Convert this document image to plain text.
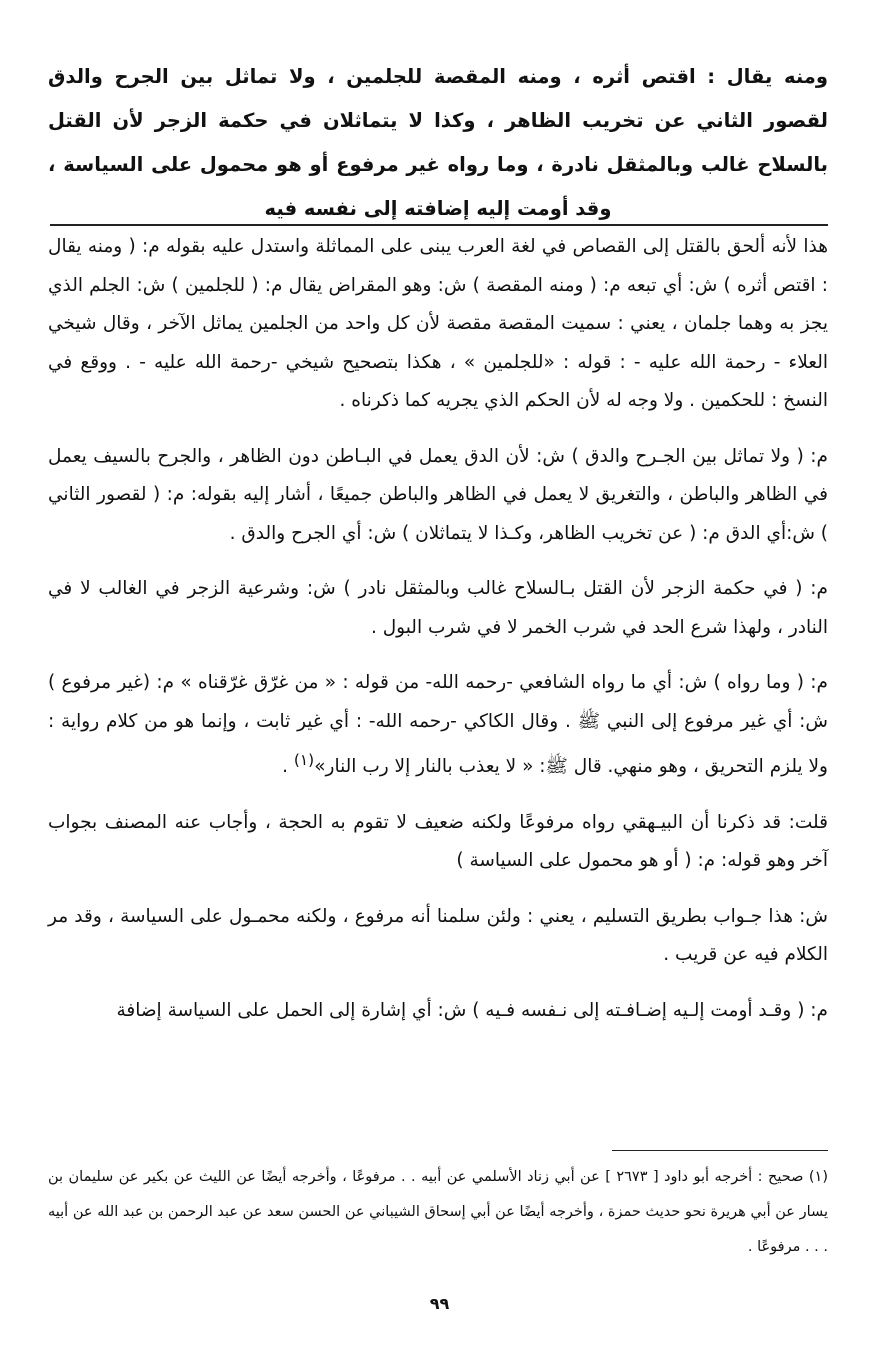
ومنه يقال : اقتص أثره ، ومنه المقصة للجلمين ، ولا تماثل بين الجرح والدق لقصور الثاني عن تخريب الظاهر ، وكذا لا يتماثلان في حكمة الزجر لأن القتل بالسلاح غالب وبالمثقل نادرة ، وما رواه غير مرفوع أو هو محمول على السياسة ، وقد أومت إليه إضافته إلى نفسه فيه

هذا لأنه ألحق بالقتل إلى القصاص في لغة العرب يبنى على المماثلة واستدل عليه بقوله م: ( ومنه يقال : اقتص أثره ) ش: أي تبعه م: ( ومنه المقصة ) ش: وهو المقراض يقال م: ( للجلمين ) ش: الجلم الذي يجز به وهما جلمان ، يعني : سميت المقصة مقصة لأن كل واحد من الجلمين يماثل الآخر ، وقال شيخي العلاء - رحمة الله عليه - : قوله : «للجلمين » ، هكذا بتصحيح شيخي -رحمة الله عليه - . ووقع في النسخ : للحكمين . ولا وجه له لأن الحكم الذي يجريه كما ذكرناه .

م: ( ولا تماثل بين الجـرح والدق ) ش: لأن الدق يعمل في البـاطن دون الظاهر ، والجرح بالسيف يعمل في الظاهر والباطن ، والتغريق لا يعمل في الظاهر والباطن جميعًا ، أشار إليه بقوله: م: ( لقصور الثاني ) ش:أي الدق م: ( عن تخريب الظاهر، وكـذا لا يتماثلان ) ش: أي الجرح والدق .

م: ( في حكمة الزجر لأن القتل بـالسلاح غالب وبالمثقل نادر ) ش: وشرعية الزجر في الغالب لا في النادر ، ولهذا شرع الحد في شرب الخمر لا في شرب البول .

م: ( وما رواه ) ش: أي ما رواه الشافعي -رحمه الله- من قوله : « من غرّق غرّقناه » م: (غير مرفوع ) ش: أي غير مرفوع إلى النبي ﷺ . وقال الكاكي -رحمه الله- : أي غير ثابت ، وإنما هو من كلام رواية : ولا يلزم التحريق ، وهو منهي. قال ﷺ: « لا يعذب بالنار إلا رب النار»$^{(١)}$ .

قلت: قد ذكرنا أن البيـهقي رواه مرفوعًا ولكنه ضعيف لا تقوم به الحجة ، وأجاب عنه المصنف بجواب آخر وهو قوله: م: ( أو هو محمول على السياسة )

ش: هذا جـواب بطريق التسليم ، يعني : ولئن سلمنا أنه مرفوع ، ولكنه محمـول على السياسة ، وقد مر الكلام فيه عن قريب .

م: ( وقـد أومت إلـيه إضـافـته إلى نـفسه فـيه ) ش: أي إشارة إلى الحمل على السياسة إضافة

(١) صحيح : أخرجه أبو داود [ ٢٦٧٣ ] عن أبي زناد الأسلمي عن أبيه . . مرفوعًا ، وأخرجه أيضًا عن الليث عن بكير عن سليمان بن يسار عن أبي هريرة نحو حديث حمزة ، وأخرجه أيضًا عن أبي إسحاق الشيباني عن الحسن سعد عن عبد الرحمن بن عبد الله عن أبيه . . . مرفوعًا .

٩٩
